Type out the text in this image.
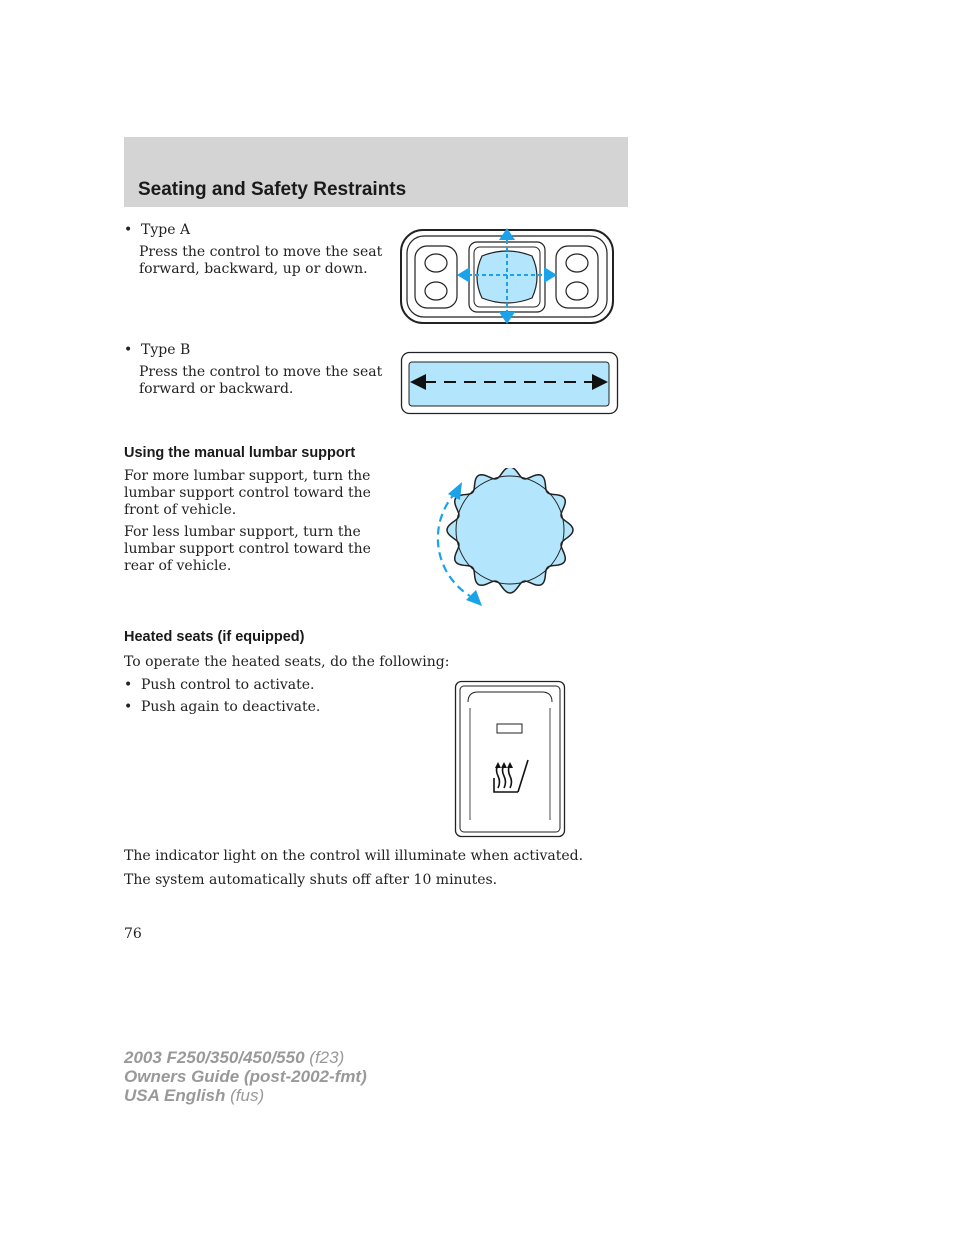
Seating and Safety Restraints
• Type A
Press the control to move the seat
forward, backward, up or down.
• Type B
Press the control to move the seat
forward or backward.
Using the manual lumbar support
For more lumbar support, turn the
lumbar support control toward the
front of vehicle.
For less lumbar support, turn the
lumbar support control toward the
rear of vehicle.
Heated seats (if equipped)
To operate the heated seats, do the following:
• Push control to activate.
• Push again to deactivate.
The indicator light on the control will illuminate when activated.
The system automatically shuts off after 10 minutes.
76
2003 F250/350/450/550 (f23)
Owners Guide (post-2002-fmt)
USA English (fus)
